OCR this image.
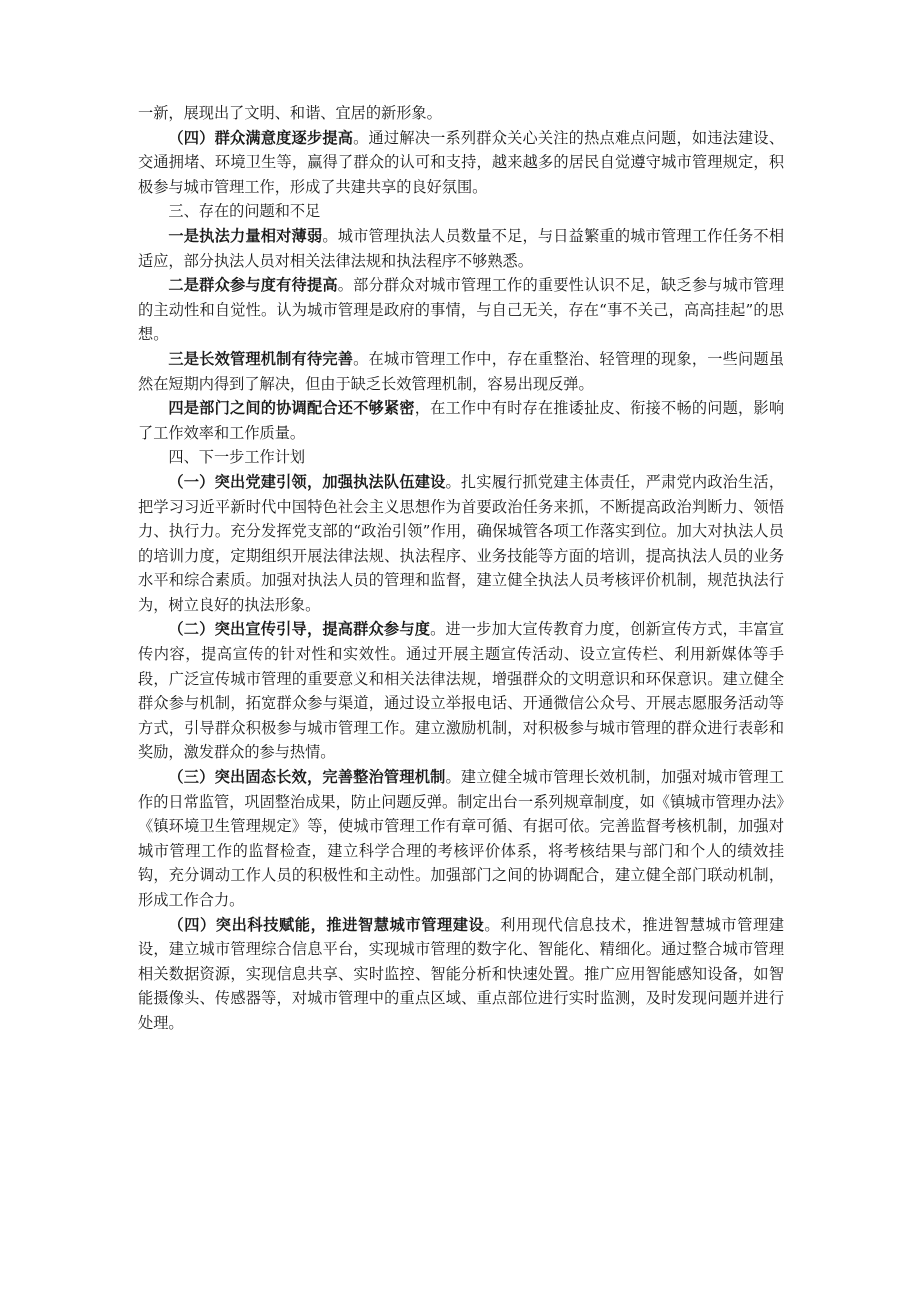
一新，展现出了文明、和谐、宜居的新形象。

（四）群众满意度逐步提高。通过解决一系列群众关心关注的热点难点问题，如违法建设、交通拥堵、环境卫生等，赢得了群众的认可和支持，越来越多的居民自觉遵守城市管理规定，积极参与城市管理工作，形成了共建共享的良好氛围。

三、存在的问题和不足

一是执法力量相对薄弱。城市管理执法人员数量不足，与日益繁重的城市管理工作任务不相适应，部分执法人员对相关法律法规和执法程序不够熟悉。

二是群众参与度有待提高。部分群众对城市管理工作的重要性认识不足，缺乏参与城市管理的主动性和自觉性。认为城市管理是政府的事情，与自己无关，存在“事不关己，高高挂起”的思想。

三是长效管理机制有待完善。在城市管理工作中，存在重整治、轻管理的现象，一些问题虽然在短期内得到了解决，但由于缺乏长效管理机制，容易出现反弹。

四是部门之间的协调配合还不够紧密，在工作中有时存在推诿扯皮、衔接不畅的问题，影响了工作效率和工作质量。

四、下一步工作计划

（一）突出党建引领，加强执法队伍建设。扎实履行抓党建主体责任，严肃党内政治生活，把学习习近平新时代中国特色社会主义思想作为首要政治任务来抓，不断提高政治判断力、领悟力、执行力。充分发挥党支部的“政治引领”作用，确保城管各项工作落实到位。加大对执法人员的培训力度，定期组织开展法律法规、执法程序、业务技能等方面的培训，提高执法人员的业务水平和综合素质。加强对执法人员的管理和监督，建立健全执法人员考核评价机制，规范执法行为，树立良好的执法形象。

（二）突出宣传引导，提高群众参与度。进一步加大宣传教育力度，创新宣传方式，丰富宣传内容，提高宣传的针对性和实效性。通过开展主题宣传活动、设立宣传栏、利用新媒体等手段，广泛宣传城市管理的重要意义和相关法律法规，增强群众的文明意识和环保意识。建立健全群众参与机制，拓宽群众参与渠道，通过设立举报电话、开通微信公众号、开展志愿服务活动等方式，引导群众积极参与城市管理工作。建立激励机制，对积极参与城市管理的群众进行表彰和奖励，激发群众的参与热情。

（三）突出固态长效，完善整治管理机制。建立健全城市管理长效机制，加强对城市管理工作的日常监管，巩固整治成果，防止问题反弹。制定出台一系列规章制度，如《镇城市管理办法》《镇环境卫生管理规定》等，使城市管理工作有章可循、有据可依。完善监督考核机制，加强对城市管理工作的监督检查，建立科学合理的考核评价体系，将考核结果与部门和个人的绩效挂钩，充分调动工作人员的积极性和主动性。加强部门之间的协调配合，建立健全部门联动机制，形成工作合力。

（四）突出科技赋能，推进智慧城市管理建设。利用现代信息技术，推进智慧城市管理建设，建立城市管理综合信息平台，实现城市管理的数字化、智能化、精细化。通过整合城市管理相关数据资源，实现信息共享、实时监控、智能分析和快速处置。推广应用智能感知设备，如智能摄像头、传感器等，对城市管理中的重点区域、重点部位进行实时监测，及时发现问题并进行处理。
